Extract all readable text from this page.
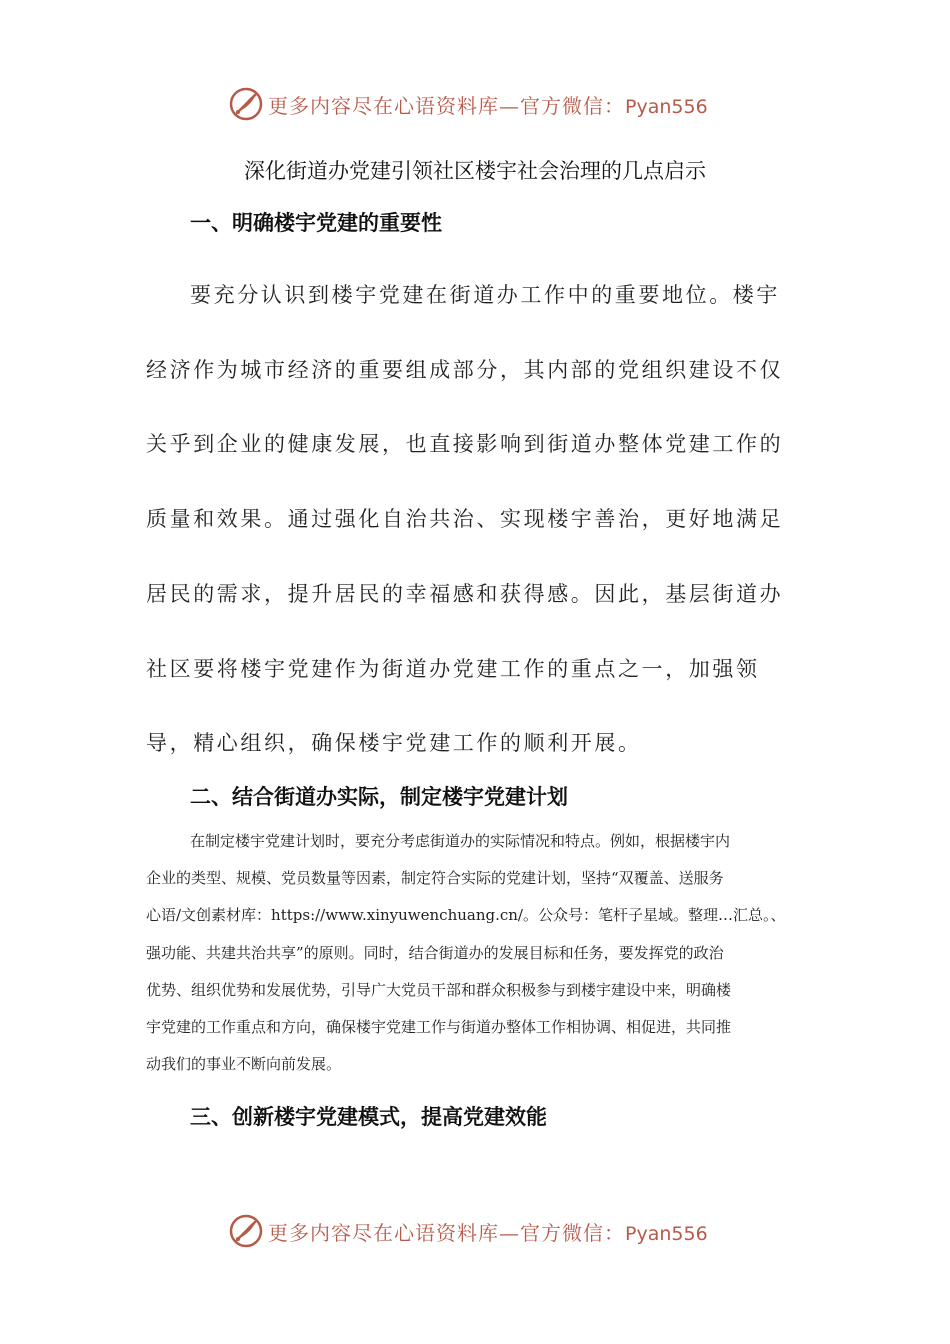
更多内容尽在心语资料库—官方微信：Pyan556
深化街道办党建引领社区楼宇社会治理的几点启示
一、明确楼宇党建的重要性

要充分认识到楼宇党建在街道办工作中的重要地位。楼宇经济作为城市经济的重要组成部分，其内部的党组织建设不仅关乎到企业的健康发展，也直接影响到街道办整体党建工作的质量和效果。通过强化自治共治、实现楼宇善治，更好地满足居民的需求，提升居民的幸福感和获得感。因此，基层街道办社区要将楼宇党建作为街道办党建工作的重点之一，加强领导，精心组织，确保楼宇党建工作的顺利开展。

二、结合街道办实际，制定楼宇党建计划
在制定楼宇党建计划时，要充分考虑街道办的实际情况和特点。例如，根据楼宇内
企业的类型、规模、党员数量等因素，制定符合实际的党建计划，坚持“双覆盖、送服务
心语/文创素材库：https://www.xinyuwenchuang.cn/。公众号：笔杆子星域。整理…汇总。、
强功能、共建共治共享”的原则。同时，结合街道办的发展目标和任务，要发挥党的政治
优势、组织优势和发展优势，引导广大党员干部和群众积极参与到楼宇建设中来，明确楼
宇党建的工作重点和方向，确保楼宇党建工作与街道办整体工作相协调、相促进，共同推
动我们的事业不断向前发展。
三、创新楼宇党建模式，提高党建效能
更多内容尽在心语资料库—官方微信：Pyan556
